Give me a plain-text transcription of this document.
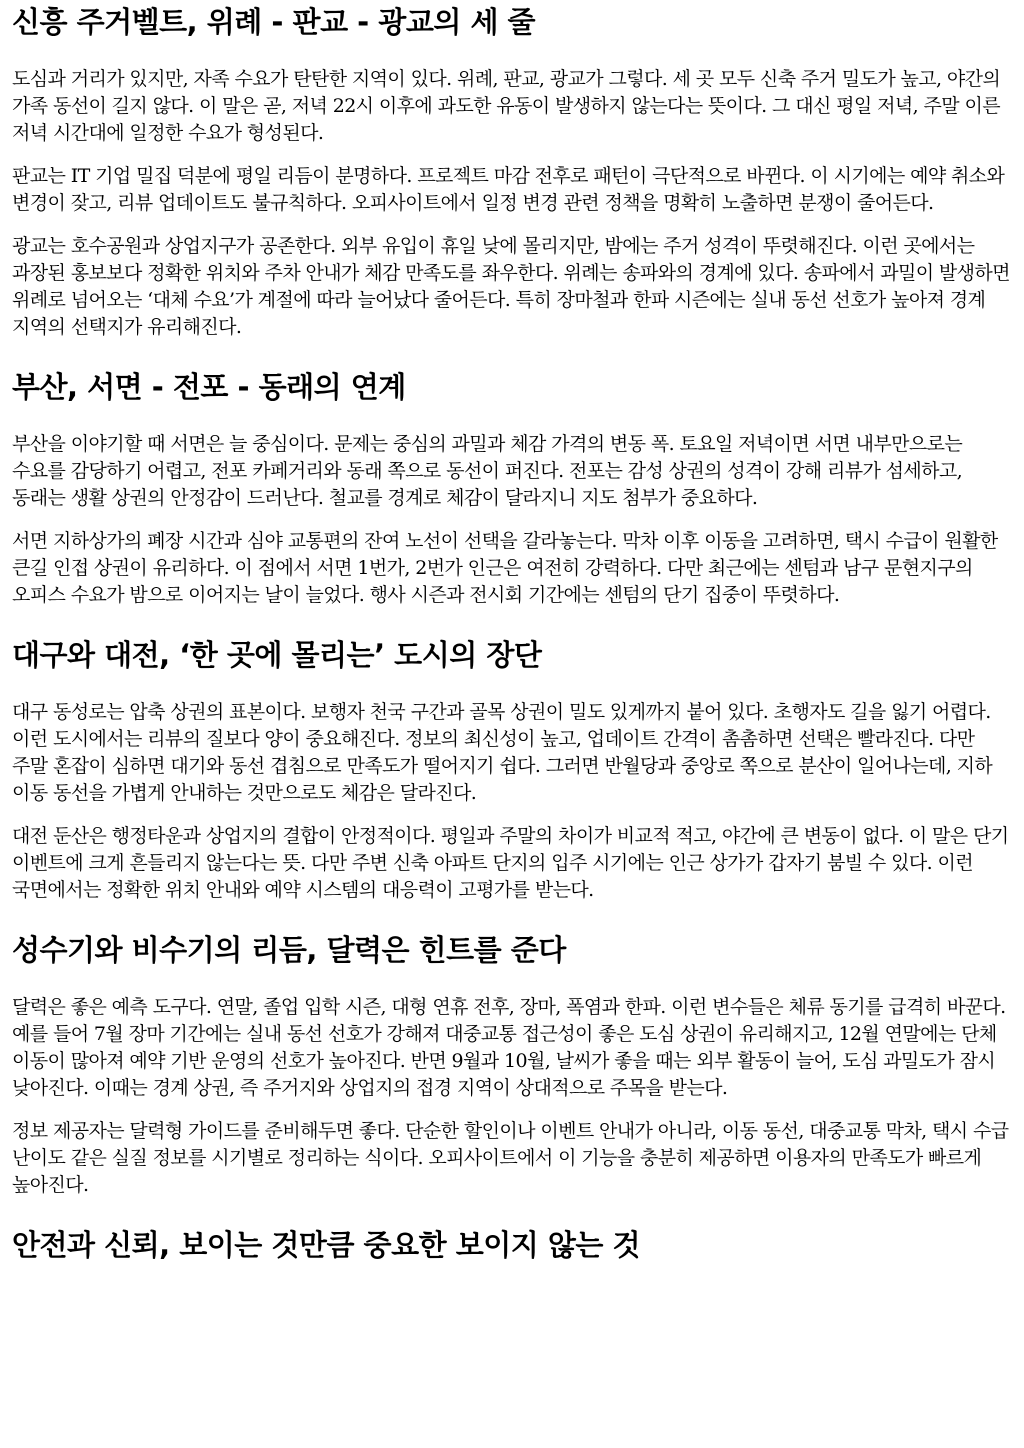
신흥 주거벨트, 위례 - 판교 - 광교의 세 줄

도심과 거리가 있지만, 자족 수요가 탄탄한 지역이 있다. 위례, 판교, 광교가 그렇다. 세 곳 모두 신축 주거 밀도가 높고, 야간의 가족 동선이 길지 않다. 이 말은 곧, 저녁 22시 이후에 과도한 유동이 발생하지 않는다는 뜻이다. 그 대신 평일 저녁, 주말 이른 저녁 시간대에 일정한 수요가 형성된다.

판교는 IT 기업 밀집 덕분에 평일 리듬이 분명하다. 프로젝트 마감 전후로 패턴이 극단적으로 바뀐다. 이 시기에는 예약 취소와 변경이 잦고, 리뷰 업데이트도 불규칙하다. 오피사이트에서 일정 변경 관련 정책을 명확히 노출하면 분쟁이 줄어든다.

광교는 호수공원과 상업지구가 공존한다. 외부 유입이 휴일 낮에 몰리지만, 밤에는 주거 성격이 뚜렷해진다. 이런 곳에서는 과장된 홍보보다 정확한 위치와 주차 안내가 체감 만족도를 좌우한다. 위례는 송파와의 경계에 있다. 송파에서 과밀이 발생하면 위례로 넘어오는 ‘대체 수요’가 계절에 따라 늘어났다 줄어든다. 특히 장마철과 한파 시즌에는 실내 동선 선호가 높아져 경계 지역의 선택지가 유리해진다.

부산, 서면 - 전포 - 동래의 연계

부산을 이야기할 때 서면은 늘 중심이다. 문제는 중심의 과밀과 체감 가격의 변동 폭. 토요일 저녁이면 서면 내부만으로는 수요를 감당하기 어렵고, 전포 카페거리와 동래 쪽으로 동선이 퍼진다. 전포는 감성 상권의 성격이 강해 리뷰가 섬세하고, 동래는 생활 상권의 안정감이 드러난다. 철교를 경계로 체감이 달라지니 지도 첨부가 중요하다.

서면 지하상가의 폐장 시간과 심야 교통편의 잔여 노선이 선택을 갈라놓는다. 막차 이후 이동을 고려하면, 택시 수급이 원활한 큰길 인접 상권이 유리하다. 이 점에서 서면 1번가, 2번가 인근은 여전히 강력하다. 다만 최근에는 센텀과 남구 문현지구의 오피스 수요가 밤으로 이어지는 날이 늘었다. 행사 시즌과 전시회 기간에는 센텀의 단기 집중이 뚜렷하다.

대구와 대전, ‘한 곳에 몰리는’ 도시의 장단

대구 동성로는 압축 상권의 표본이다. 보행자 천국 구간과 골목 상권이 밀도 있게까지 붙어 있다. 초행자도 길을 잃기 어렵다. 이런 도시에서는 리뷰의 질보다 양이 중요해진다. 정보의 최신성이 높고, 업데이트 간격이 촘촘하면 선택은 빨라진다. 다만 주말 혼잡이 심하면 대기와 동선 겹침으로 만족도가 떨어지기 쉽다. 그러면 반월당과 중앙로 쪽으로 분산이 일어나는데, 지하 이동 동선을 가볍게 안내하는 것만으로도 체감은 달라진다.

대전 둔산은 행정타운과 상업지의 결합이 안정적이다. 평일과 주말의 차이가 비교적 적고, 야간에 큰 변동이 없다. 이 말은 단기 이벤트에 크게 흔들리지 않는다는 뜻. 다만 주변 신축 아파트 단지의 입주 시기에는 인근 상가가 갑자기 붐빌 수 있다. 이런 국면에서는 정확한 위치 안내와 예약 시스템의 대응력이 고평가를 받는다.

성수기와 비수기의 리듬, 달력은 힌트를 준다

달력은 좋은 예측 도구다. 연말, 졸업 입학 시즌, 대형 연휴 전후, 장마, 폭염과 한파. 이런 변수들은 체류 동기를 급격히 바꾼다. 예를 들어 7월 장마 기간에는 실내 동선 선호가 강해져 대중교통 접근성이 좋은 도심 상권이 유리해지고, 12월 연말에는 단체 이동이 많아져 예약 기반 운영의 선호가 높아진다. 반면 9월과 10월, 날씨가 좋을 때는 외부 활동이 늘어, 도심 과밀도가 잠시 낮아진다. 이때는 경계 상권, 즉 주거지와 상업지의 접경 지역이 상대적으로 주목을 받는다.

정보 제공자는 달력형 가이드를 준비해두면 좋다. 단순한 할인이나 이벤트 안내가 아니라, 이동 동선, 대중교통 막차, 택시 수급 난이도 같은 실질 정보를 시기별로 정리하는 식이다. 오피사이트에서 이 기능을 충분히 제공하면 이용자의 만족도가 빠르게 높아진다.

안전과 신뢰, 보이는 것만큼 중요한 보이지 않는 것
